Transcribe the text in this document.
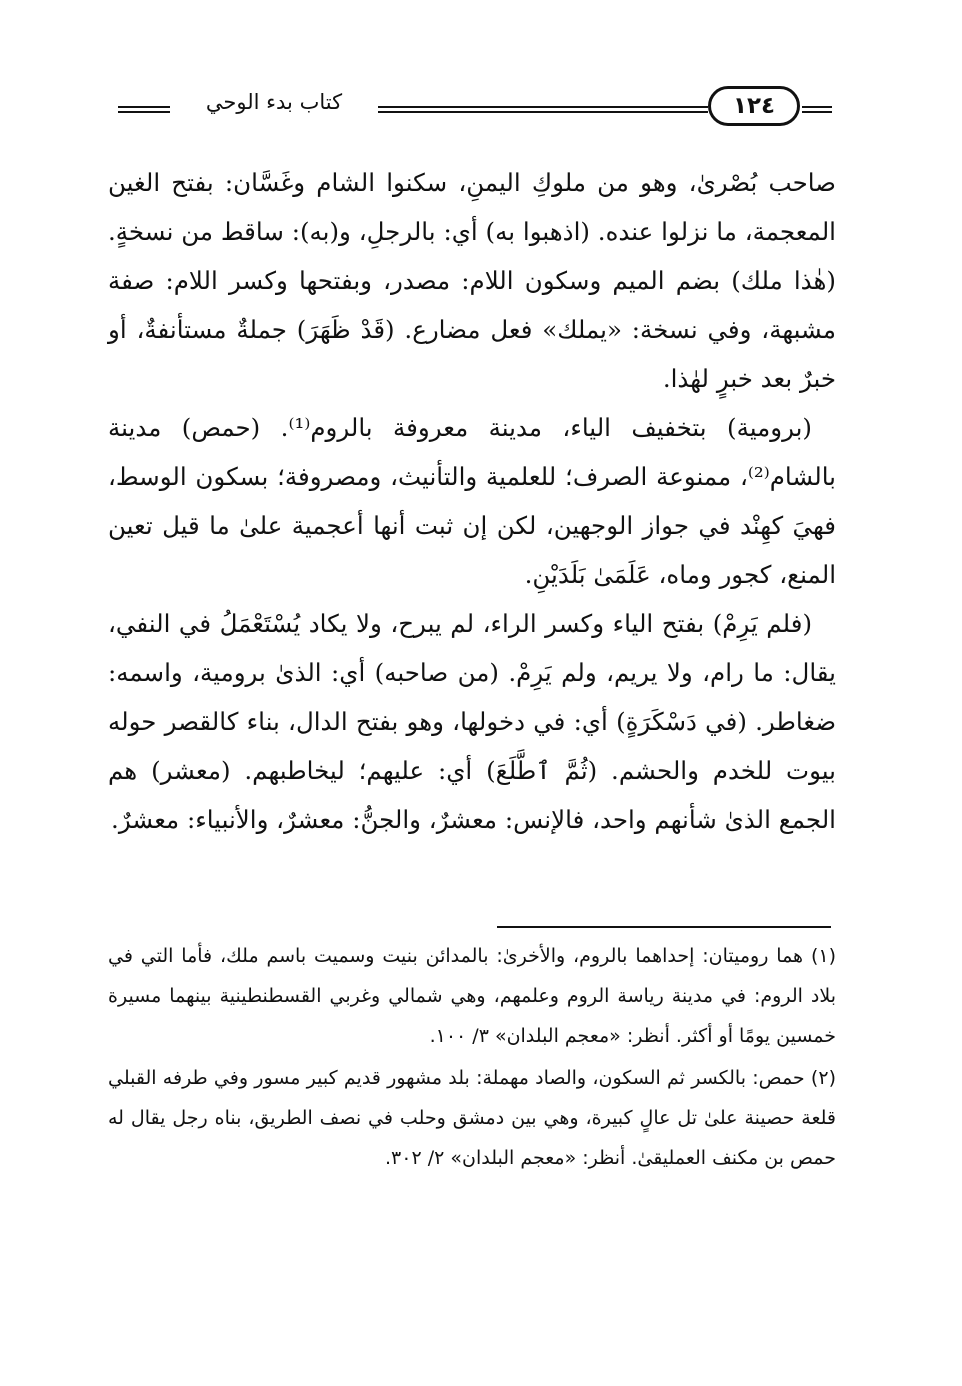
كتاب بدء الوحي	١٢٤

صاحب بُصْرىٰ، وهو من ملوكِ اليمنِ، سكنوا الشام وغَسَّان: بفتح الغين المعجمة، ما نزلوا عنده. (اذهبوا به) أي: بالرجلِ، و(به): ساقط من نسخةٍ. (هٰذا ملك) بضم الميم وسكون اللام: مصدر، وبفتحها وكسر اللام: صفة مشبهة، وفي نسخة: «يملك» فعل مضارع. (قَدْ ظَهَرَ) جملةٌ مستأنفةٌ، أو خبرٌ بعد خبرٍ لهٰذا.

(برومية) بتخفيف الياء، مدينة معروفة بالروم⁽¹⁾. (حمص) مدينة بالشام⁽²⁾، ممنوعة الصرف؛ للعلمية والتأنيث، ومصروفة؛ بسكون الوسط، فهيَ كهِنْد في جواز الوجهين، لكن إن ثبت أنها أعجمية علىٰ ما قيل تعين المنع، كجور وماه، عَلَمَىٰ بَلَدَيْنِ.

(فلم يَرِمْ) بفتح الياء وكسر الراء، لم يبرح، ولا يكاد يُسْتَعْمَلُ في النفي، يقال: ما رام، ولا يريم، ولم يَرِمْ. (من صاحبه) أي: الذىٰ برومية، واسمه: ضغاطر. (في دَسْكَرَةٍ) أي: في دخولها، وهو بفتح الدال، بناء كالقصر حوله بيوت للخدم والحشم. (ثُمَّ ٱطَّلَعَ) أي: عليهم؛ ليخاطبهم. (معشر) هم الجمع الذىٰ شأنهم واحد، فالإنس: معشرٌ، والجنُّ: معشرٌ، والأنبياء: معشرٌ.

(١) هما روميتان: إحداهما بالروم، والأخرىٰ: بالمدائن بنيت وسميت باسم ملك، فأما التي في بلاد الروم: في مدينة رياسة الروم وعلمهم، وهي شمالي وغربي القسطنطينية بينهما مسيرة خمسين يومًا أو أكثر. أنظر: «معجم البلدان» ٣/ ١٠٠.

(٢) حمص: بالكسر ثم السكون، والصاد مهملة: بلد مشهور قديم كبير مسور وفي طرفه القبلي قلعة حصينة علىٰ تل عالٍ كبيرة، وهي بين دمشق وحلب في نصف الطريق، بناه رجل يقال له حمص بن مكنف العمليقىٰ. أنظر: «معجم البلدان» ٢/ ٣٠٢.
